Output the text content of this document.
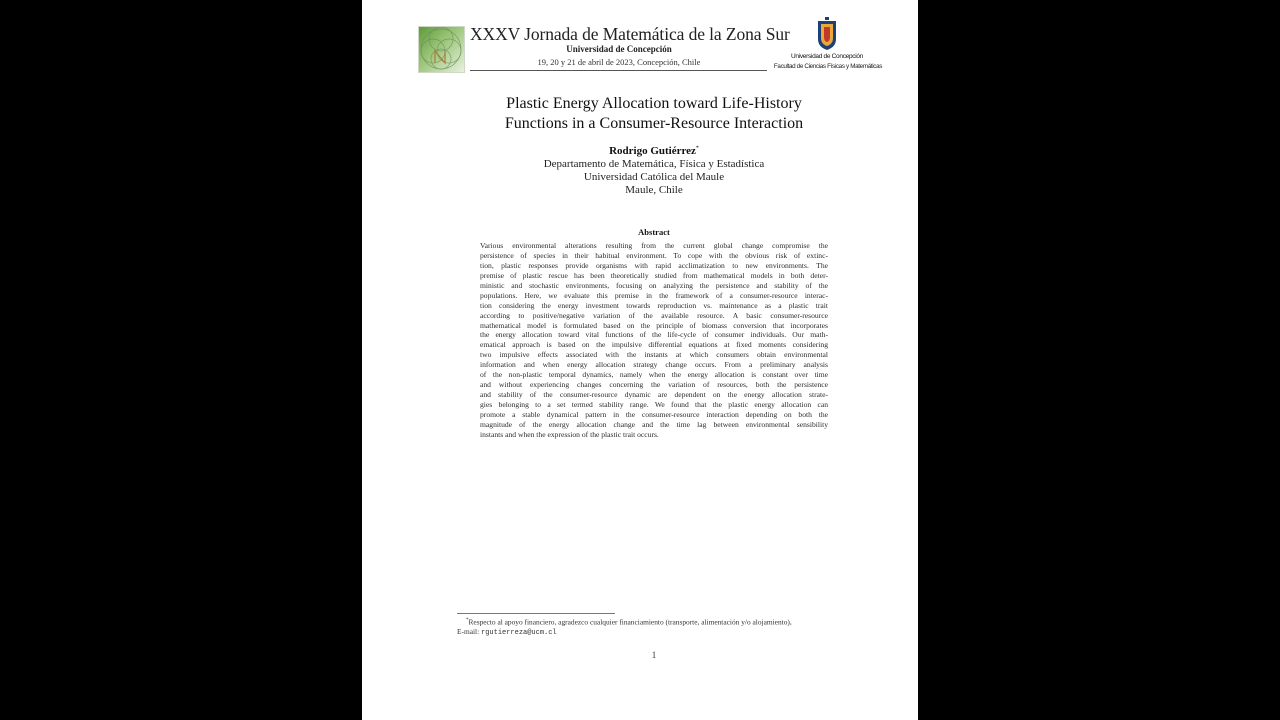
XXXV Jornada de Matemática de la Zona Sur
Universidad de Concepción
19, 20 y 21 de abril de 2023, Concepción, Chile
Universidad de Concepción
Facultad de Ciencias Físicas y Matemáticas
Plastic Energy Allocation toward Life-History
Functions in a Consumer-Resource Interaction
Rodrigo Gutiérrez*
Departamento de Matemática, Física y Estadística
Universidad Católica del Maule
Maule, Chile
Abstract
Various environmental alterations resulting from the current global change compromise the
persistence of species in their habitual environment. To cope with the obvious risk of extinc-
tion, plastic responses provide organisms with rapid acclimatization to new environments. The
premise of plastic rescue has been theoretically studied from mathematical models in both deter-
ministic and stochastic environments, focusing on analyzing the persistence and stability of the
populations. Here, we evaluate this premise in the framework of a consumer-resource interac-
tion considering the energy investment towards reproduction vs. maintenance as a plastic trait
according to positive/negative variation of the available resource. A basic consumer-resource
mathematical model is formulated based on the principle of biomass conversion that incorporates
the energy allocation toward vital functions of the life-cycle of consumer individuals. Our math-
ematical approach is based on the impulsive differential equations at fixed moments considering
two impulsive effects associated with the instants at which consumers obtain environmental
information and when energy allocation strategy change occurs. From a preliminary analysis
of the non-plastic temporal dynamics, namely when the energy allocation is constant over time
and without experiencing changes concerning the variation of resources, both the persistence
and stability of the consumer-resource dynamic are dependent on the energy allocation strate-
gies belonging to a set termed stability range. We found that the plastic energy allocation can
promote a stable dynamical pattern in the consumer-resource interaction depending on both the
magnitude of the energy allocation change and the time lag between environmental sensibility
instants and when the expression of the plastic trait occurs.
*Respecto al apoyo financiero, agradezco cualquier financiamiento (transporte, alimentación y/o alojamiento),
E-mail: rgutierreza@ucm.cl
1
